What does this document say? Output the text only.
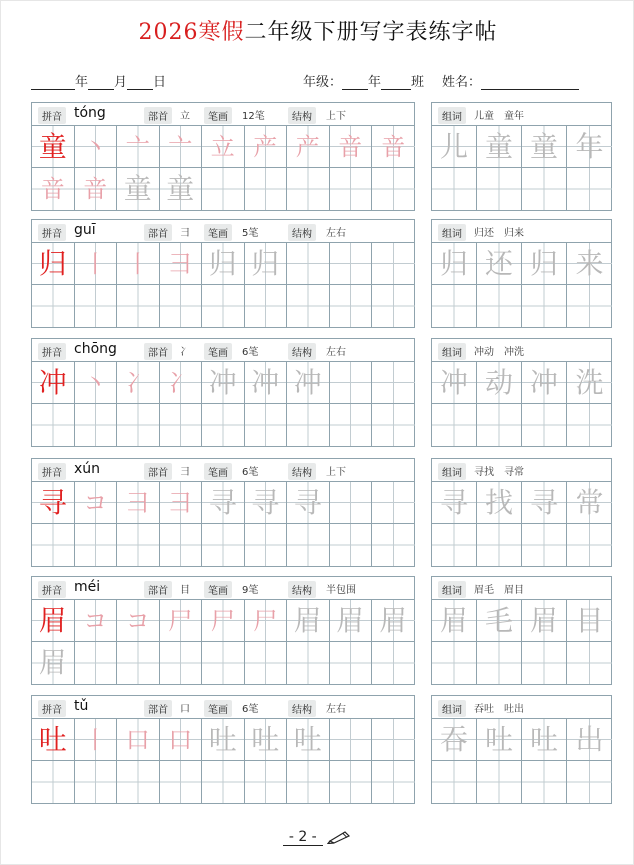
2026寒假二年级下册写字表练字帖
年 月 日	年级： 年 班 姓名：
拼音 tóng	部首	立	笔画	12笔	结构	上下
童 丶 亠 亠 立 产 产 音 音
音 音 童 童
组词	儿童　童年
儿 童 童 年
拼音 guī	部首	彐	笔画	5笔	结构	左右
归 丨 丨 ⺕ 归 归
组词	归还　归来
归 还 归 来
拼音 chōng	部首	冫	笔画	6笔	结构	左右
冲 丶 冫 冫 冲 冲 冲
组词	冲动　冲洗
冲 动 冲 洗
拼音 xún	部首	彐	笔画	6笔	结构	上下
寻 コ 彐 彐 寻 寻 寻
组词	寻找　寻常
寻 找 寻 常
拼音 méi	部首	目	笔画	9笔	结构	半包围
眉 コ コ 尸 尸 尸 眉 眉 眉
眉
组词	眉毛　眉目
眉 毛 眉 目
拼音 tǔ	部首	口	笔画	6笔	结构	左右
吐 丨 口 口 吐 吐 吐
组词	吞吐　吐出
吞 吐 吐 出
- 2 -
